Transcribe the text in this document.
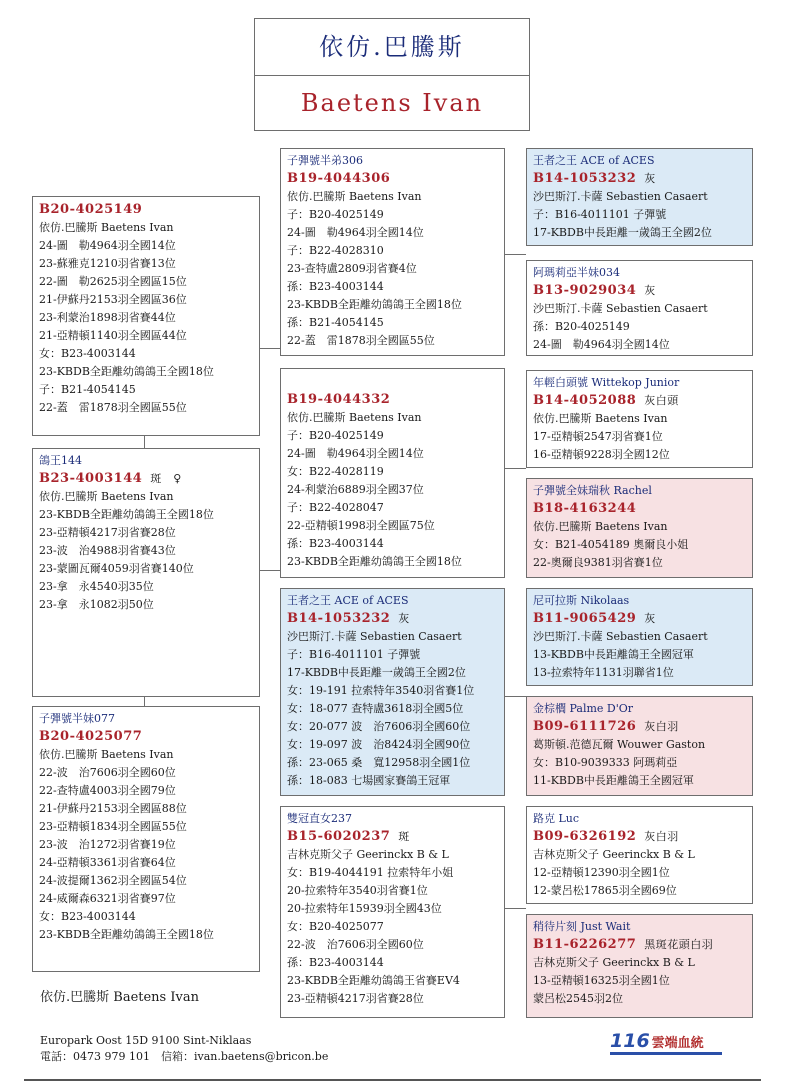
依仿.巴騰斯
Baetens Ivan
B20-4025149
依仿.巴騰斯 Baetens Ivan
24-圖　勒4964羽全國14位
23-蘇雅克1210羽省賽13位
22-圖　勒2625羽全國區15位
21-伊蘇丹2153羽全國區36位
23-利蒙治1898羽省賽44位
21-亞精頓1140羽全國區44位
女：B23-4003144
23-KBDB全距離幼鴿鴿王全國18位
子：B21-4054145
22-蓋　雷1878羽全國區55位
鴿王144
B23-4003144 斑　♀
依仿.巴騰斯 Baetens Ivan
23-KBDB全距離幼鴿鴿王全國18位
23-亞精頓4217羽省賽28位
23-波　治4988羽省賽43位
23-蒙圖瓦爾4059羽省賽140位
23-拿　永4540羽35位
23-拿　永1082羽50位
子彈號半妹077
B20-4025077
依仿.巴騰斯 Baetens Ivan
22-波　治7606羽全國60位
22-查特盧4003羽全國79位
21-伊蘇丹2153羽全國區88位
23-亞精頓1834羽全國區55位
23-波　治1272羽省賽19位
24-亞精頓3361羽省賽64位
24-波提爾1362羽全國區54位
24-威爾森6321羽省賽97位
女：B23-4003144
23-KBDB全距離幼鴿鴿王全國18位
子彈號半弟306
B19-4044306
依仿.巴騰斯 Baetens Ivan
子：B20-4025149
24-圖　勒4964羽全國14位
子：B22-4028310
23-查特盧2809羽省賽4位
孫：B23-4003144
23-KBDB全距離幼鴿鴿王全國18位
孫：B21-4054145
22-蓋　雷1878羽全國區55位
B19-4044332
依仿.巴騰斯 Baetens Ivan
子：B20-4025149
24-圖　勒4964羽全國14位
女：B22-4028119
24-利蒙治6889羽全國37位
子：B22-4028047
22-亞精頓1998羽全國區75位
孫：B23-4003144
23-KBDB全距離幼鴿鴿王全國18位
王者之王 ACE of ACES
B14-1053232 灰
沙巴斯汀.卡薩 Sebastien Casaert
子：B16-4011101 子彈號
17-KBDB中長距離一歲鴿王全國2位
女：19-191 拉索特年3540羽省賽1位
女：18-077 查特盧3618羽全國5位
女：20-077 波　治7606羽全國60位
女：19-097 波　治8424羽全國90位
孫：23-065 桑　寬12958羽全國1位
孫：18-083 七場國家賽鴿王冠軍
雙冠直女237
B15-6020237 斑
吉林克斯父子 Geerinckx B & L
女：B19-4044191 拉索特年小姐
20-拉索特年3540羽省賽1位
20-拉索特年15939羽全國43位
女：B20-4025077
22-波　治7606羽全國60位
孫：B23-4003144
23-KBDB全距離幼鴿鴿王省賽EV4
23-亞精頓4217羽省賽28位
王者之王 ACE of ACES
B14-1053232 灰
沙巴斯汀.卡薩 Sebastien Casaert
子：B16-4011101 子彈號
17-KBDB中長距離一歲鴿王全國2位
阿瑪莉亞半妹034
B13-9029034 灰
沙巴斯汀.卡薩 Sebastien Casaert
孫：B20-4025149
24-圖　勒4964羽全國14位
年輕白頭號 Wittekop Junior
B14-4052088 灰白頭
依仿.巴騰斯 Baetens Ivan
17-亞精頓2547羽省賽1位
16-亞精頓9228羽全國12位
子彈號全妹瑞秋 Rachel
B18-4163244
依仿.巴騰斯 Baetens Ivan
女：B21-4054189 奧爾良小姐
22-奧爾良9381羽省賽1位
尼可拉斯 Nikolaas
B11-9065429 灰
沙巴斯汀.卡薩 Sebastien Casaert
13-KBDB中長距離鴿王全國冠軍
13-拉索特年1131羽聯省1位
金棕櫚 Palme D'Or
B09-6111726 灰白羽
葛斯頓.范德瓦爾 Wouwer Gaston
女：B10-9039333 阿瑪莉亞
11-KBDB中長距離鴿王全國冠軍
路克 Luc
B09-6326192 灰白羽
吉林克斯父子 Geerinckx B & L
12-亞精頓12390羽全國1位
12-蒙呂松17865羽全國69位
稍待片刻 Just Wait
B11-6226277 黑斑花頭白羽
吉林克斯父子 Geerinckx B & L
13-亞精頓16325羽全國1位
蒙呂松2545羽2位
依仿.巴騰斯 Baetens Ivan
Europark Oost 15D 9100 Sint-Niklaas
電話：0473 979 101　信箱：ivan.baetens@bricon.be
116 雲端血統
